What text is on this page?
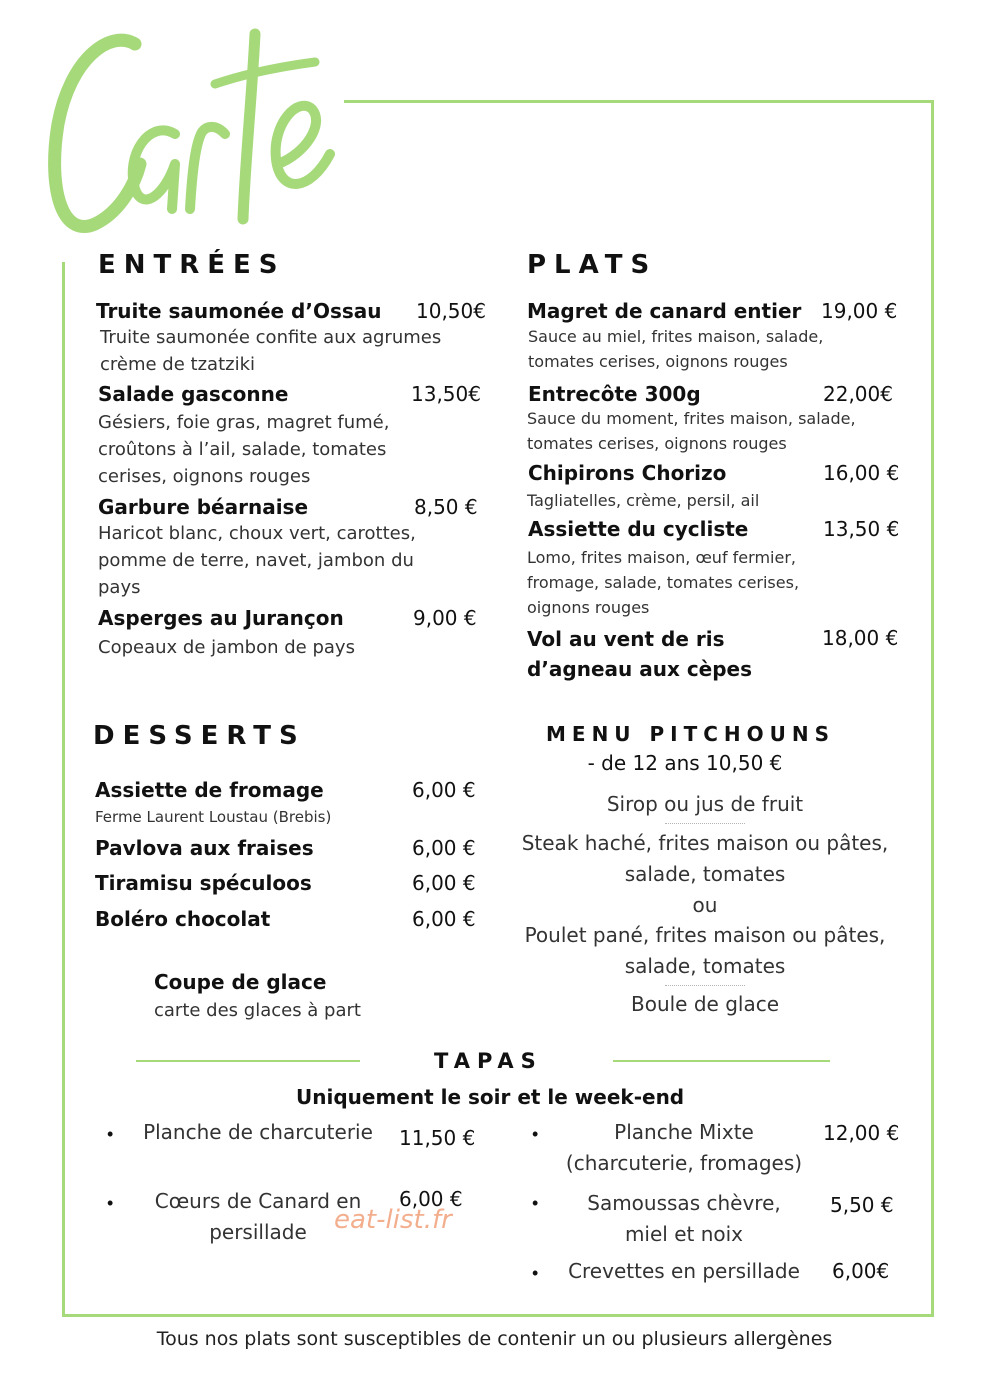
ENTRÉES
Truite saumonée d’Ossau 10,50€
Truite saumonée confite aux agrumes
crème de tzatziki
Salade gasconne	13,50€
Gésiers, foie gras, magret fumé,
croûtons à l’ail, salade, tomates
cerises, oignons rouges
Garbure béarnaise	8,50 €
Haricot blanc, choux vert, carottes,
pomme de terre, navet, jambon du
pays
Asperges au Jurançon	9,00 €
Copeaux de jambon de pays
PLATS
Magret de canard entier 19,00 €
Sauce au miel, frites maison, salade,
tomates cerises, oignons rouges
Entrecôte 300g	22,00€
Sauce du moment, frites maison, salade,
tomates cerises, oignons rouges
Chipirons Chorizo	16,00 €
Tagliatelles, crème, persil, ail
Assiette du cycliste	13,50 €
Lomo, frites maison, œuf fermier,
fromage, salade, tomates cerises,
oignons rouges
Vol au vent de ris
d’agneau aux cèpes
18,00 €
DESSERTS
Assiette de fromage	6,00 €
Ferme Laurent Loustau (Brebis)
Pavlova aux fraises	6,00 €
Tiramisu spéculoos	6,00 €
Boléro chocolat	6,00 €
Coupe de glace
carte des glaces à part
MENU PITCHOUNS
- de 12 ans 10,50 €
Sirop ou jus de fruit
Steak haché, frites maison ou pâtes,
salade, tomates
ou
Poulet pané, frites maison ou pâtes,
salade, tomates
Boule de glace
TAPAS
Uniquement le soir et le week-end
• Planche de charcuterie 11,50 €
•	Cœurs de Canard en
persillade
6,00 €
•	Planche Mixte
(charcuterie, fromages)
12,00 €
•	Samoussas chèvre,
miel et noix
5,50 €
•	Crevettes en persillade	6,00€
eat-list.fr
Tous nos plats sont susceptibles de contenir un ou plusieurs allergènes
